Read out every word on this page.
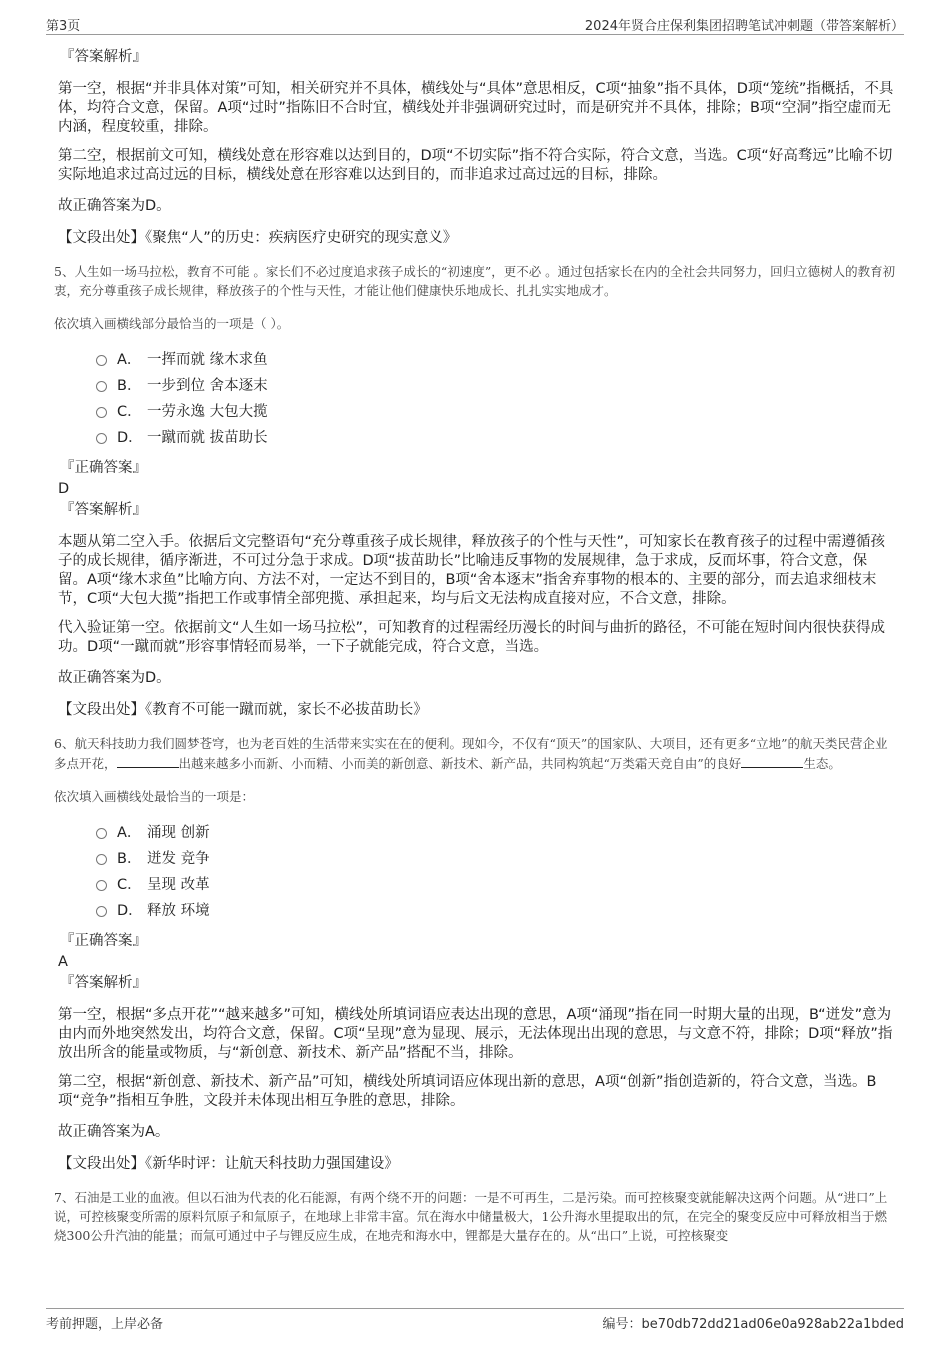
第3页	2024年贤合庄保利集团招聘笔试冲刺题（带答案解析）
『答案解析』
第一空，根据“并非具体对策”可知，相关研究并不具体，横线处与“具体”意思相反，C项“抽象”指不具体，D项“笼统”指概括，不具体，均符合文意，保留。A项“过时”指陈旧不合时宜，横线处并非强调研究过时，而是研究并不具体，排除；B项“空洞”指空虚而无内涵，程度较重，排除。
第二空，根据前文可知，横线处意在形容难以达到目的，D项“不切实际”指不符合实际，符合文意，当选。C项“好高骛远”比喻不切实际地追求过高过远的目标，横线处意在形容难以达到目的，而非追求过高过远的目标，排除。
故正确答案为D。
【文段出处】《聚焦“人”的历史：疾病医疗史研究的现实意义》
5、人生如一场马拉松，教育不可能 。家长们不必过度追求孩子成长的“初速度”，更不必 。通过包括家长在内的全社会共同努力，回归立德树人的教育初衷，充分尊重孩子成长规律，释放孩子的个性与天性，才能让他们健康快乐地成长、扎扎实实地成才。
依次填入画横线部分最恰当的一项是（ ）。
A． 一挥而就 缘木求鱼
B． 一步到位 舍本逐末
C． 一劳永逸 大包大揽
D． 一蹴而就 拔苗助长
『正确答案』
D
『答案解析』
本题从第二空入手。依据后文完整语句“充分尊重孩子成长规律，释放孩子的个性与天性”，可知家长在教育孩子的过程中需遵循孩子的成长规律，循序渐进，不可过分急于求成。D项“拔苗助长”比喻违反事物的发展规律，急于求成，反而坏事，符合文意，保留。A项“缘木求鱼”比喻方向、方法不对，一定达不到目的，B项“舍本逐末”指舍弃事物的根本的、主要的部分，而去追求细枝末节，C项“大包大揽”指把工作或事情全部兜揽、承担起来，均与后文无法构成直接对应，不合文意，排除。
代入验证第一空。依据前文“人生如一场马拉松”，可知教育的过程需经历漫长的时间与曲折的路径，不可能在短时间内很快获得成功。D项“一蹴而就”形容事情轻而易举，一下子就能完成，符合文意，当选。
故正确答案为D。
【文段出处】《教育不可能一蹴而就，家长不必拔苗助长》
6、航天科技助力我们圆梦苍穹，也为老百姓的生活带来实实在在的便利。现如今，不仅有“顶天”的国家队、大项目，还有更多“立地”的航天类民营企业多点开花，	出越来越多小而新、小而精、小而美的新创意、新技术、新产品，共同构筑起“万类霜天竞自由”的良好	生态。
依次填入画横线处最恰当的一项是：
A． 涌现 创新
B． 迸发 竞争
C． 呈现 改革
D． 释放 环境
『正确答案』
A
『答案解析』
第一空，根据“多点开花”“越来越多”可知，横线处所填词语应表达出现的意思，A项“涌现”指在同一时期大量的出现，B“迸发”意为由内而外地突然发出，均符合文意，保留。C项“呈现”意为显现、展示，无法体现出出现的意思，与文意不符，排除；D项“释放”指放出所含的能量或物质，与“新创意、新技术、新产品”搭配不当，排除。
第二空，根据“新创意、新技术、新产品”可知，横线处所填词语应体现出新的意思，A项“创新”指创造新的，符合文意，当选。B项“竞争”指相互争胜，文段并未体现出相互争胜的意思，排除。
故正确答案为A。
【文段出处】《新华时评：让航天科技助力强国建设》
7、石油是工业的血液。但以石油为代表的化石能源，有两个绕不开的问题：一是不可再生，二是污染。而可控核聚变就能解决这两个问题。从“进口”上说，可控核聚变所需的原料氘原子和氚原子，在地球上非常丰富。氘在海水中储量极大，1公升海水里提取出的氘，在完全的聚变反应中可释放相当于燃烧300公升汽油的能量；而氚可通过中子与锂反应生成，在地壳和海水中，锂都是大量存在的。从“出口”上说，可控核聚变
考前押题，上岸必备	编号：be70db72dd21ad06e0a928ab22a1bded
